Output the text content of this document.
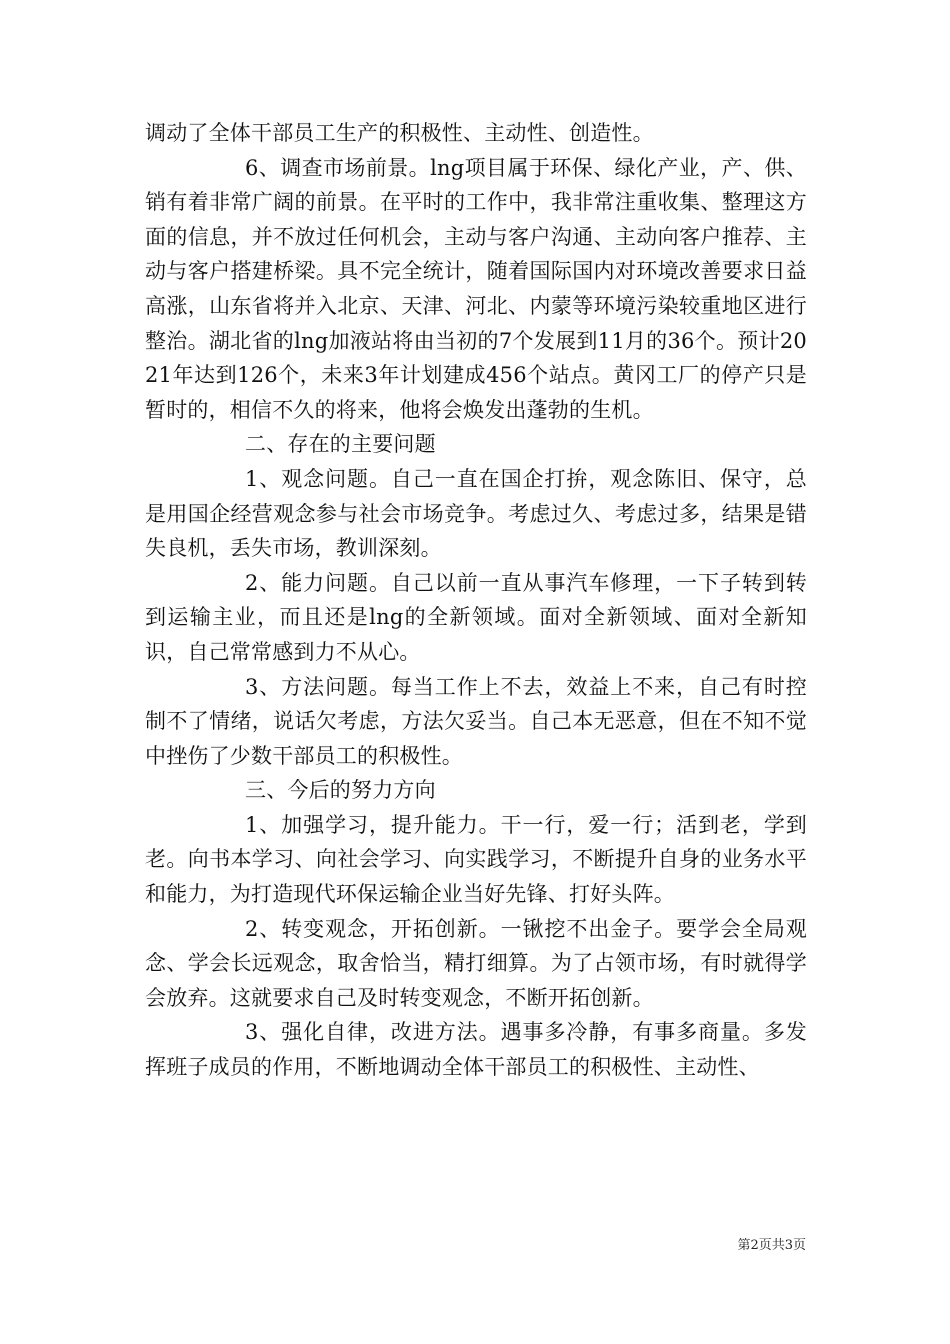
调动了全体干部员工生产的积极性、主动性、创造性。

6、调查市场前景。lng项目属于环保、绿化产业，产、供、销有着非常广阔的前景。在平时的工作中，我非常注重收集、整理这方面的信息，并不放过任何机会，主动与客户沟通、主动向客户推荐、主动与客户搭建桥梁。具不完全统计，随着国际国内对环境改善要求日益高涨，山东省将并入北京、天津、河北、内蒙等环境污染较重地区进行整治。湖北省的lng加液站将由当初的7个发展到11月的36个。预计2021年达到126个，未来3年计划建成456个站点。黄冈工厂的停产只是暂时的，相信不久的将来，他将会焕发出蓬勃的生机。

二、存在的主要问题

1、观念问题。自己一直在国企打拚，观念陈旧、保守，总是用国企经营观念参与社会市场竞争。考虑过久、考虑过多，结果是错失良机，丢失市场，教训深刻。

2、能力问题。自己以前一直从事汽车修理，一下子转到转到运输主业，而且还是lng的全新领域。面对全新领域、面对全新知识，自己常常感到力不从心。

3、方法问题。每当工作上不去，效益上不来，自己有时控制不了情绪，说话欠考虑，方法欠妥当。自己本无恶意，但在不知不觉中挫伤了少数干部员工的积极性。

三、今后的努力方向

1、加强学习，提升能力。干一行，爱一行；活到老，学到老。向书本学习、向社会学习、向实践学习，不断提升自身的业务水平和能力，为打造现代环保运输企业当好先锋、打好头阵。

2、转变观念，开拓创新。一锹挖不出金子。要学会全局观念、学会长远观念，取舍恰当，精打细算。为了占领市场，有时就得学会放弃。这就要求自己及时转变观念，不断开拓创新。

3、强化自律，改进方法。遇事多冷静，有事多商量。多发挥班子成员的作用，不断地调动全体干部员工的积极性、主动性、

第2页共3页
